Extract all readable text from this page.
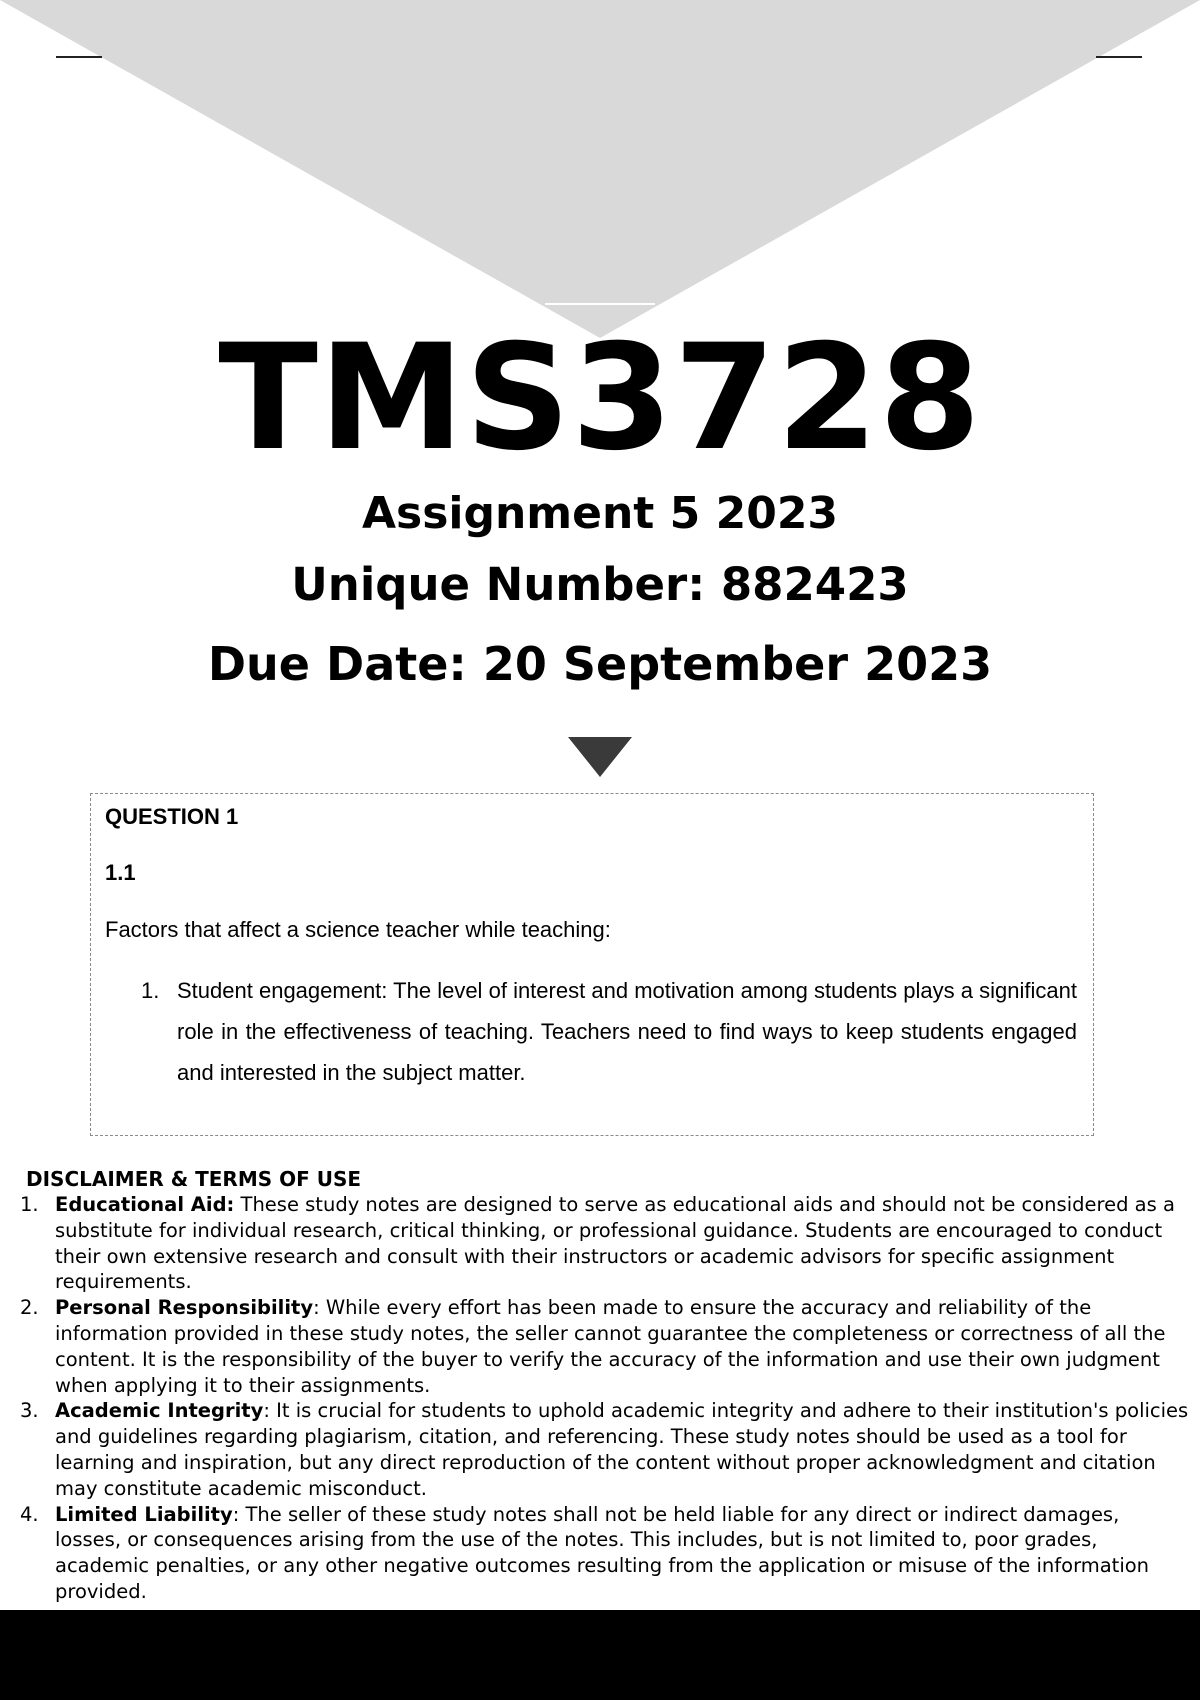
TMS3728
Assignment 5 2023
Unique Number: 882423
Due Date: 20 September 2023
QUESTION 1
1.1
Factors that affect a science teacher while teaching:
1. Student engagement: The level of interest and motivation among students plays a significant role in the effectiveness of teaching. Teachers need to find ways to keep students engaged and interested in the subject matter.
DISCLAIMER & TERMS OF USE
1. Educational Aid: These study notes are designed to serve as educational aids and should not be considered as a substitute for individual research, critical thinking, or professional guidance. Students are encouraged to conduct their own extensive research and consult with their instructors or academic advisors for specific assignment requirements.
2. Personal Responsibility: While every effort has been made to ensure the accuracy and reliability of the information provided in these study notes, the seller cannot guarantee the completeness or correctness of all the content. It is the responsibility of the buyer to verify the accuracy of the information and use their own judgment when applying it to their assignments.
3. Academic Integrity: It is crucial for students to uphold academic integrity and adhere to their institution's policies and guidelines regarding plagiarism, citation, and referencing. These study notes should be used as a tool for learning and inspiration, but any direct reproduction of the content without proper acknowledgment and citation may constitute academic misconduct.
4. Limited Liability: The seller of these study notes shall not be held liable for any direct or indirect damages, losses, or consequences arising from the use of the notes. This includes, but is not limited to, poor grades, academic penalties, or any other negative outcomes resulting from the application or misuse of the information provided.
